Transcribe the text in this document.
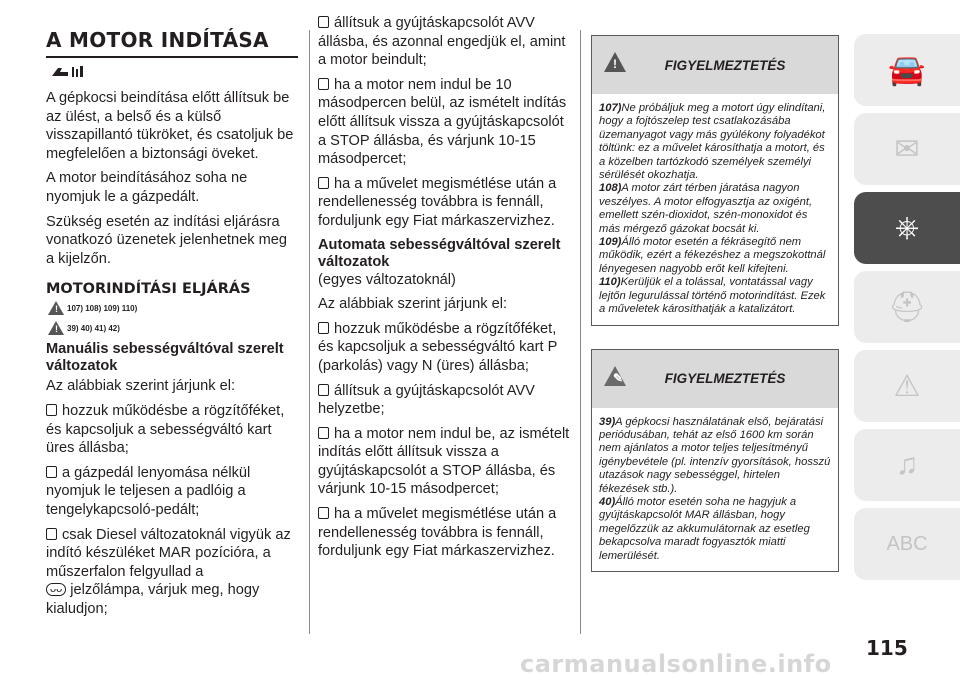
A MOTOR INDÍTÁSA

A gépkocsi beindítása előtt állítsuk be az ülést, a belső és a külső visszapillantó tükröket, és csatoljuk be megfelelően a biztonsági öveket.

A motor beindításához soha ne nyomjuk le a gázpedált.

Szükség esetén az indítási eljárásra vonatkozó üzenetek jelenhetnek meg a kijelzőn.

MOTORINDÍTÁSI ELJÁRÁS
! 107) 108) 109) 110)
! 39) 40) 41) 42)
Manuális sebességváltóval szerelt változatok

Az alábbiak szerint járjunk el:

hozzuk működésbe a rögzítőféket, és kapcsoljuk a sebességváltó kart üres állásba;

a gázpedál lenyomása nélkül nyomjuk le teljesen a padlóig a tengelykapcsoló-pedált;

csak Diesel változatoknál vigyük az indító készüléket MAR pozícióra, a műszerfalon felgyullad a
ᴗᴗ jelzőlámpa, várjuk meg, hogy kialudjon;

állítsuk a gyújtáskapcsolót AVV állásba, és azonnal engedjük el, amint a motor beindult;

ha a motor nem indul be 10 másodpercen belül, az ismételt indítás előtt állítsuk vissza a gyújtáskapcsolót a STOP állásba, és várjunk 10-15 másodpercet;

ha a művelet megismétlése után a rendellenesség továbbra is fennáll, forduljunk egy Fiat márkaszervizhez.

Automata sebességváltóval szerelt változatok

(egyes változatoknál)

Az alábbiak szerint járjunk el:

hozzuk működésbe a rögzítőféket, és kapcsoljuk a sebességváltó kart P (parkolás) vagy N (üres) állásba;

állítsuk a gyújtáskapcsolót AVV helyzetbe;

ha a motor nem indul be, az ismételt indítás előtt állítsuk vissza a gyújtáskapcsolót a STOP állásba, és várjunk 10-15 másodpercet;

ha a művelet megismétlése után a rendellenesség továbbra is fennáll, forduljunk egy Fiat márkaszervizhez.

!	FIGYELMEZTETÉS
107)Ne próbáljuk meg a motort úgy elindítani, hogy a fojtószelep test csatlakozásába üzemanyagot vagy más gyúlékony folyadékot töltünk: ez a művelet károsíthatja a motort, és a közelben tartózkodó személyek személyi sérülését okozhatja.
108)A motor zárt térben járatása nagyon veszélyes. A motor elfogyasztja az oxigént, emellett szén-dioxidot, szén-monoxidot és más mérgező gázokat bocsát ki.
109)Álló motor esetén a fékrásegítő nem működik, ezért a fékezéshez a megszokottnál lényegesen nagyobb erőt kell kifejteni.
110)Kerüljük el a tolással, vontatással vagy lejtőn legurulással történő motorindítást. Ezek a műveletek károsíthatják a katalizátort.
✎	FIGYELMEZTETÉS
39)A gépkocsi használatának első, bejáratási periódusában, tehát az első 1600 km során nem ajánlatos a motor teljes teljesítményű igénybevétele (pl. intenzív gyorsítások, hosszú utazások nagy sebességgel, hirtelen fékezések stb.).
40)Álló motor esetén soha ne hagyjuk a gyújtáskapcsolót MAR állásban, hogy megelőzzük az akkumulátornak az esetleg bekapcsolva maradt fogyasztók miatti lemerülését.
🚘
✉
⎈
⛑
⚠
♫
ABC
115
carmanualsonline.info
